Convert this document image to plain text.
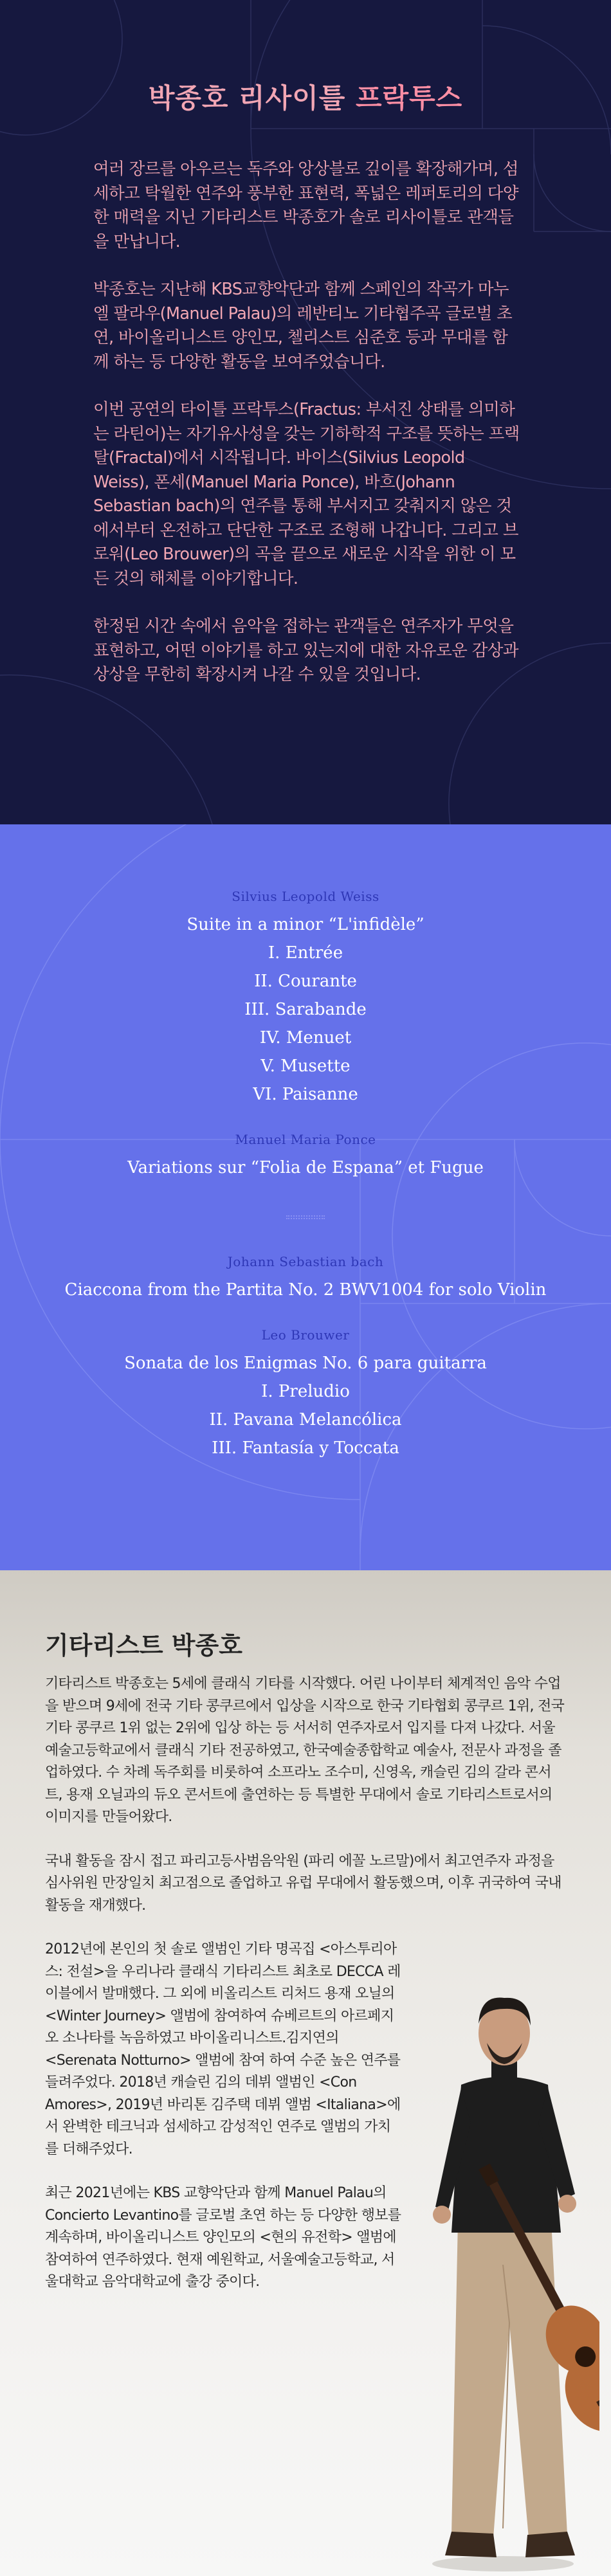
박종호 리사이틀 프락투스

여러 장르를 아우르는 독주와 앙상블로 깊이를 확장해가며, 섬세하고 탁월한 연주와 풍부한 표현력, 폭넓은 레퍼토리의 다양한 매력을 지닌 기타리스트 박종호가 솔로 리사이틀로 관객들을 만납니다.

박종호는 지난해 KBS교향악단과 함께 스페인의 작곡가 마누엘 팔라우(Manuel Palau)의 레반티노 기타협주곡 글로벌 초연, 바이올리니스트 양인모, 첼리스트 심준호 등과 무대를 함께 하는 등 다양한 활동을 보여주었습니다.

이번 공연의 타이틀 프락투스(Fractus: 부서진 상태를 의미하는 라틴어)는 자기유사성을 갖는 기하학적 구조를 뜻하는 프랙탈(Fractal)에서 시작됩니다. 바이스(Silvius Leopold Weiss), 폰세(Manuel Maria Ponce), 바흐(Johann Sebastian bach)의 연주를 통해 부서지고 갖춰지지 않은 것에서부터 온전하고 단단한 구조로 조형해 나갑니다. 그리고 브로워(Leo Brouwer)의 곡을 끝으로 새로운 시작을 위한 이 모든 것의 해체를 이야기합니다.

한정된 시간 속에서 음악을 접하는 관객들은 연주자가 무엇을 표현하고, 어떤 이야기를 하고 있는지에 대한 자유로운 감상과 상상을 무한히 확장시켜 나갈 수 있을 것입니다.

Silvius Leopold Weiss
Suite in a minor “L'infidèle”
I. Entrée
II. Courante
III. Sarabande
IV. Menuet
V. Musette
VI. Paisanne
Manuel Maria Ponce
Variations sur “Folia de Espana” et Fugue
Johann Sebastian bach
Ciaccona from the Partita No. 2 BWV1004 for solo Violin
Leo Brouwer
Sonata de los Enigmas No. 6 para guitarra
I. Preludio
II. Pavana Melancólica
III. Fantasía y Toccata
기타리스트 박종호

기타리스트 박종호는 5세에 클래식 기타를 시작했다. 어린 나이부터 체계적인 음악 수업을 받으며 9세에 전국 기타 콩쿠르에서 입상을 시작으로 한국 기타협회 콩쿠르 1위, 전국 기타 콩쿠르 1위 없는 2위에 입상 하는 등 서서히 연주자로서 입지를 다져 나갔다. 서울예술고등학교에서 클래식 기타 전공하였고, 한국예술종합학교 예술사, 전문사 과정을 졸업하였다. 수 차례 독주회를 비롯하여 소프라노 조수미, 신영옥, 캐슬린 김의 갈라 콘서트, 용재 오닐과의 듀오 콘서트에 출연하는 등 특별한 무대에서 솔로 기타리스트로서의 이미지를 만들어왔다.

국내 활동을 잠시 접고 파리고등사범음악원 (파리 에꼴 노르말)에서 최고연주자 과정을 심사위원 만장일치 최고점으로 졸업하고 유럽 무대에서 활동했으며, 이후 귀국하여 국내 활동을 재개했다.

2012년에 본인의 첫 솔로 앨범인 기타 명곡집 <아스투리아스: 전설>을 우리나라 클래식 기타리스트 최초로 DECCA 레이블에서 발매했다. 그 외에 비올리스트 리처드 용재 오닐의 <Winter Journey> 앨범에 참여하여 슈베르트의 아르페지오 소나타를 녹음하였고 바이올리니스트.김지연의 <Serenata Notturno> 앨범에 참여 하여 수준 높은 연주를 들려주었다. 2018년 캐슬린 김의 데뷔 앨범인 <Con Amores>, 2019년 바리톤 김주택 데뷔 앨범 <Italiana>에서 완벽한 테크닉과 섬세하고 감성적인 연주로 앨범의 가치를 더해주었다.

최근 2021년에는 KBS 교향악단과 함께 Manuel Palau의 Concierto Levantino를 글로벌 초연 하는 등 다양한 행보를 계속하며, 바이올리니스트 양인모의 <현의 유전학> 앨범에 참여하여 연주하였다. 현재 예원학교, 서울예술고등학교, 서울대학교 음악대학교에 출강 중이다.
